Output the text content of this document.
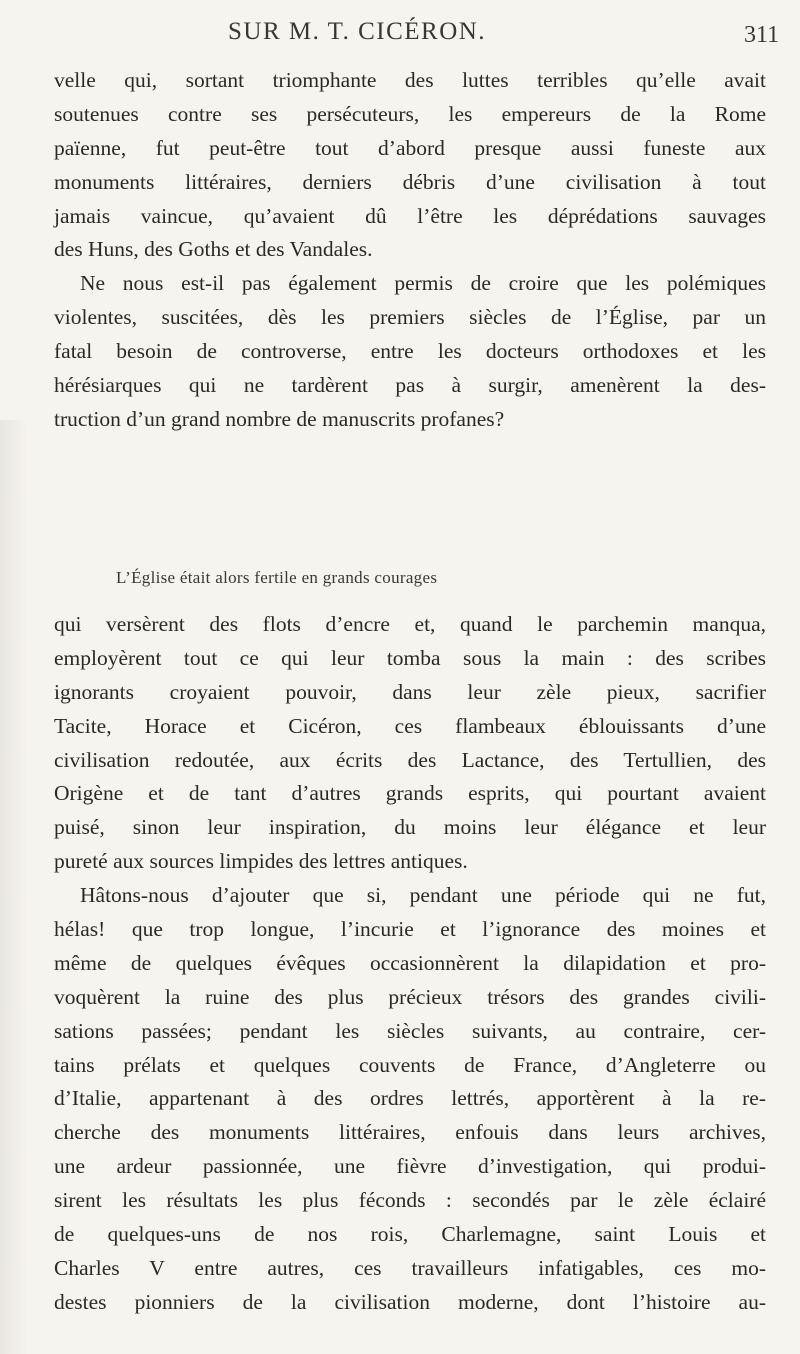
SUR M. T. CICÉRON.	311
velle qui, sortant triomphante des luttes terribles qu’elle avait
soutenues contre ses persécuteurs, les empereurs de la Rome
païenne, fut peut-être tout d’abord presque aussi funeste aux
monuments littéraires, derniers débris d’une civilisation à tout
jamais vaincue, qu’avaient dû l’être les déprédations sauvages
des Huns, des Goths et des Vandales.
Ne nous est-il pas également permis de croire que les polémiques
violentes, suscitées, dès les premiers siècles de l’Église, par un
fatal besoin de controverse, entre les docteurs orthodoxes et les
hérésiarques qui ne tardèrent pas à surgir, amenèrent la des-
truction d’un grand nombre de manuscrits profanes?
L’Église était alors fertile en grands courages
qui versèrent des flots d’encre et, quand le parchemin manqua,
employèrent tout ce qui leur tomba sous la main : des scribes
ignorants croyaient pouvoir, dans leur zèle pieux, sacrifier
Tacite, Horace et Cicéron, ces flambeaux éblouissants d’une
civilisation redoutée, aux écrits des Lactance, des Tertullien, des
Origène et de tant d’autres grands esprits, qui pourtant avaient
puisé, sinon leur inspiration, du moins leur élégance et leur
pureté aux sources limpides des lettres antiques.
Hâtons-nous d’ajouter que si, pendant une période qui ne fut,
hélas! que trop longue, l’incurie et l’ignorance des moines et
même de quelques évêques occasionnèrent la dilapidation et pro-
voquèrent la ruine des plus précieux trésors des grandes civili-
sations passées; pendant les siècles suivants, au contraire, cer-
tains prélats et quelques couvents de France, d’Angleterre ou
d’Italie, appartenant à des ordres lettrés, apportèrent à la re-
cherche des monuments littéraires, enfouis dans leurs archives,
une ardeur passionnée, une fièvre d’investigation, qui produi-
sirent les résultats les plus féconds : secondés par le zèle éclairé
de quelques-uns de nos rois, Charlemagne, saint Louis et
Charles V entre autres, ces travailleurs infatigables, ces mo-
destes pionniers de la civilisation moderne, dont l’histoire au-
